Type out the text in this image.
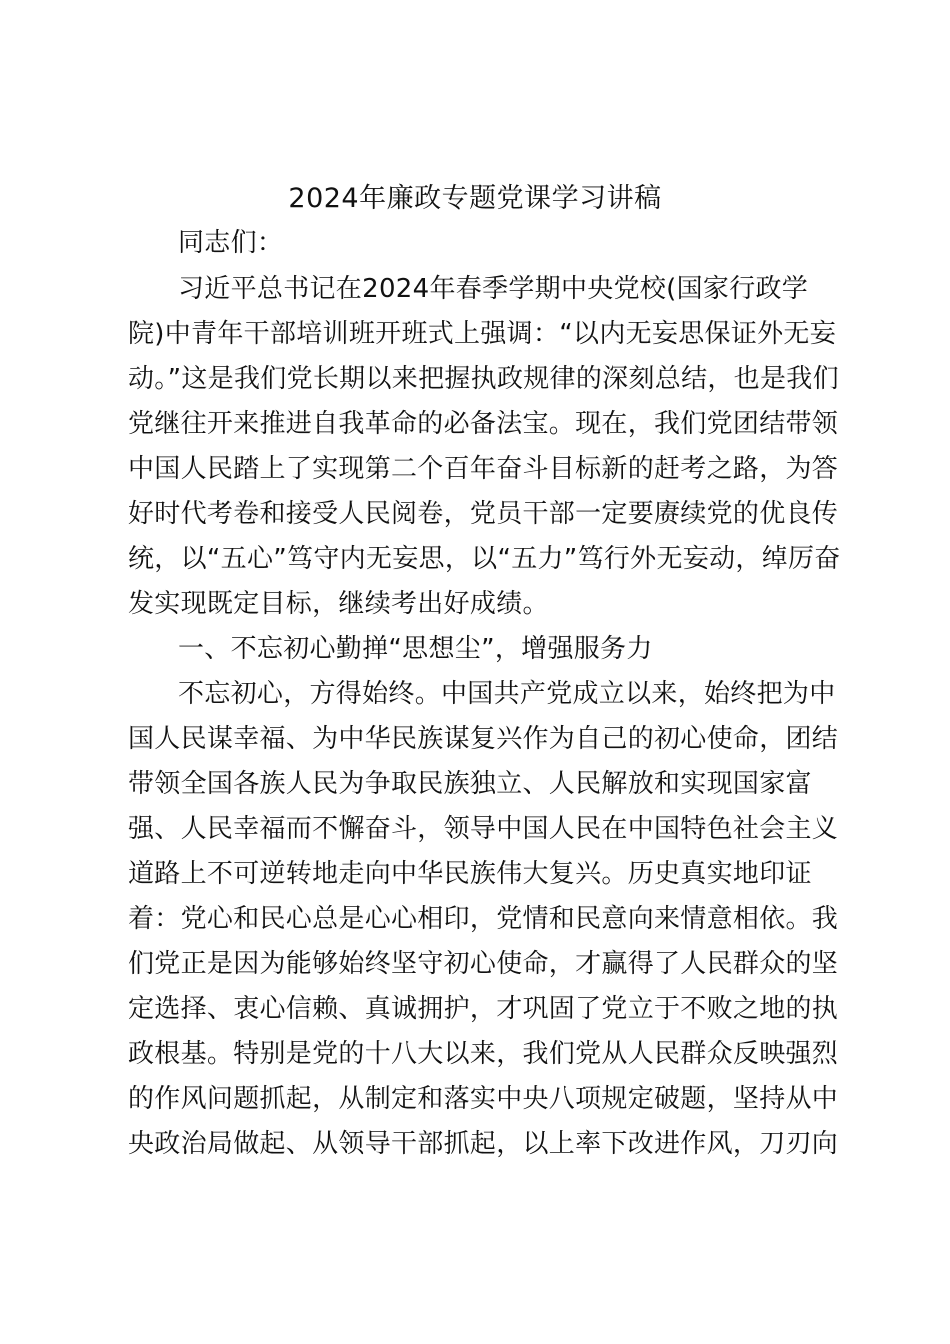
2024年廉政专题党课学习讲稿
同志们：
习近平总书记在2024年春季学期中央党校(国家行政学
院)中青年干部培训班开班式上强调：“以内无妄思保证外无妄
动。”这是我们党长期以来把握执政规律的深刻总结，也是我们
党继往开来推进自我革命的必备法宝。现在，我们党团结带领
中国人民踏上了实现第二个百年奋斗目标新的赶考之路，为答
好时代考卷和接受人民阅卷，党员干部一定要赓续党的优良传
统，以“五心”笃守内无妄思，以“五力”笃行外无妄动，绰厉奋
发实现既定目标，继续考出好成绩。
一、不忘初心勤掸“思想尘”，增强服务力
不忘初心，方得始终。中国共产党成立以来，始终把为中
国人民谋幸福、为中华民族谋复兴作为自己的初心使命，团结
带领全国各族人民为争取民族独立、人民解放和实现国家富
强、人民幸福而不懈奋斗，领导中国人民在中国特色社会主义
道路上不可逆转地走向中华民族伟大复兴。历史真实地印证
着：党心和民心总是心心相印，党情和民意向来情意相依。我
们党正是因为能够始终坚守初心使命，才赢得了人民群众的坚
定选择、衷心信赖、真诚拥护，才巩固了党立于不败之地的执
政根基。特别是党的十八大以来，我们党从人民群众反映强烈
的作风问题抓起，从制定和落实中央八项规定破题，坚持从中
央政治局做起、从领导干部抓起，以上率下改进作风，刀刃向
